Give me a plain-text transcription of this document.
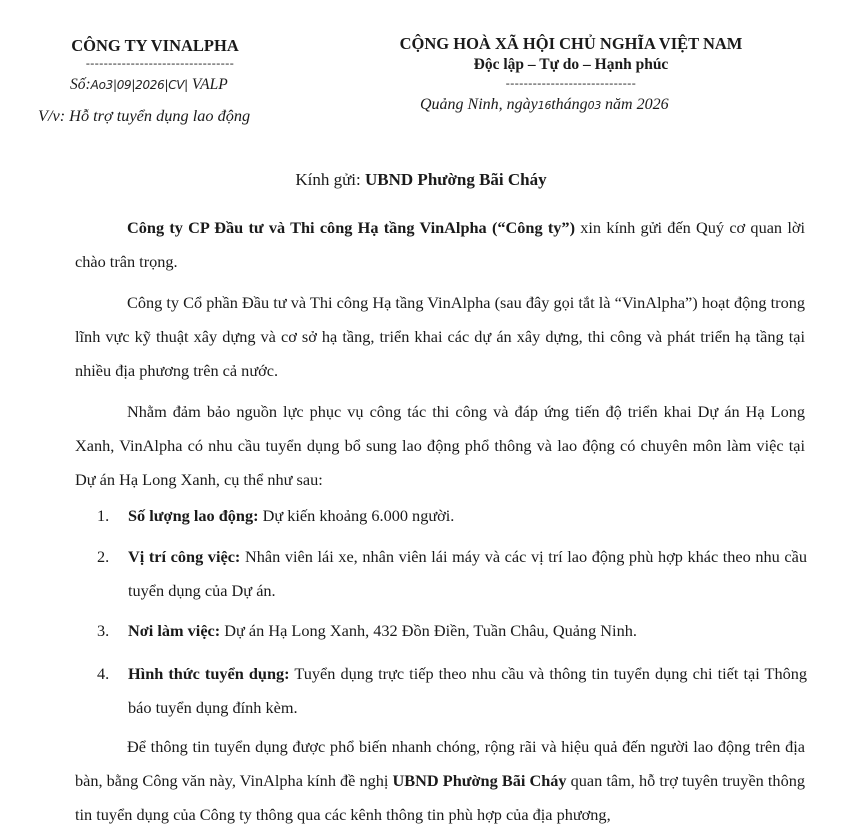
CÔNG TY VINALPHA
---------------------------------
Số:Ao3|09|2026|CV| VALP
V/v: Hỗ trợ tuyển dụng lao động
CỘNG HOÀ XÃ HỘI CHỦ NGHĨA VIỆT NAM
Độc lập – Tự do – Hạnh phúc
-----------------------------
Quảng Ninh, ngày16tháng03 năm 2026
Kính gửi: UBND Phường Bãi Cháy
Công ty CP Đầu tư và Thi công Hạ tầng VinAlpha (“Công ty”) xin kính gửi đến Quý cơ quan lời chào trân trọng.
Công ty Cổ phần Đầu tư và Thi công Hạ tầng VinAlpha (sau đây gọi tắt là “VinAlpha”) hoạt động trong lĩnh vực kỹ thuật xây dựng và cơ sở hạ tầng, triển khai các dự án xây dựng, thi công và phát triển hạ tầng tại nhiều địa phương trên cả nước.
Nhằm đảm bảo nguồn lực phục vụ công tác thi công và đáp ứng tiến độ triển khai Dự án Hạ Long Xanh, VinAlpha có nhu cầu tuyển dụng bổ sung lao động phổ thông và lao động có chuyên môn làm việc tại Dự án Hạ Long Xanh, cụ thể như sau:
1. Số lượng lao động: Dự kiến khoảng 6.000 người.
2. Vị trí công việc: Nhân viên lái xe, nhân viên lái máy và các vị trí lao động phù hợp khác theo nhu cầu tuyển dụng của Dự án.
3. Nơi làm việc: Dự án Hạ Long Xanh, 432 Đồn Điền, Tuần Châu, Quảng Ninh.
4. Hình thức tuyển dụng: Tuyển dụng trực tiếp theo nhu cầu và thông tin tuyển dụng chi tiết tại Thông báo tuyển dụng đính kèm.
Để thông tin tuyển dụng được phổ biến nhanh chóng, rộng rãi và hiệu quả đến người lao động trên địa bàn, bằng Công văn này, VinAlpha kính đề nghị UBND Phường Bãi Cháy quan tâm, hỗ trợ tuyên truyền thông tin tuyển dụng của Công ty thông qua các kênh thông tin phù hợp của địa phương,
